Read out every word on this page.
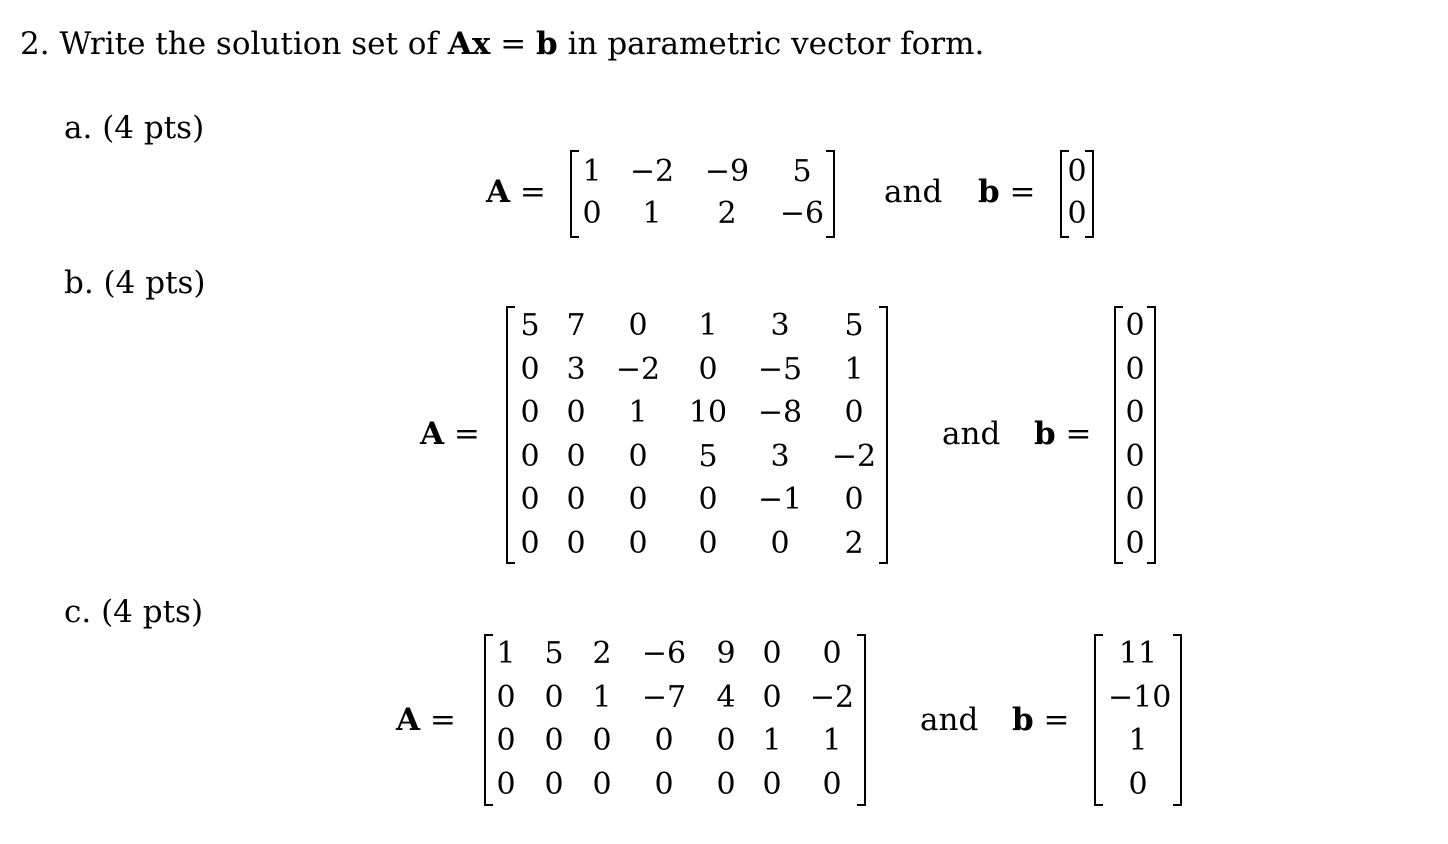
2. Write the solution set of Ax = b in parametric vector form.
a. (4 pts)
A =
1 −2 −9	5
0	1	2	−6
and b =
0
0
b. (4 pts)
A =
5 7	0	1	3	5
0 3	−2	0	−5	1
0 0	1	10	−8	0
0 0	0	5	3	−2
0 0	0	0	−1	0
0 0	0	0	0	2
and b =
0
0
0
0
0
0
c. (4 pts)
A =
1 5 2	−6	9 0	0
0 0 1	−7	4 0 −2
0 0 0	0	0 1	1
0 0 0	0	0 0	0
and b =
11
−10
1
0
